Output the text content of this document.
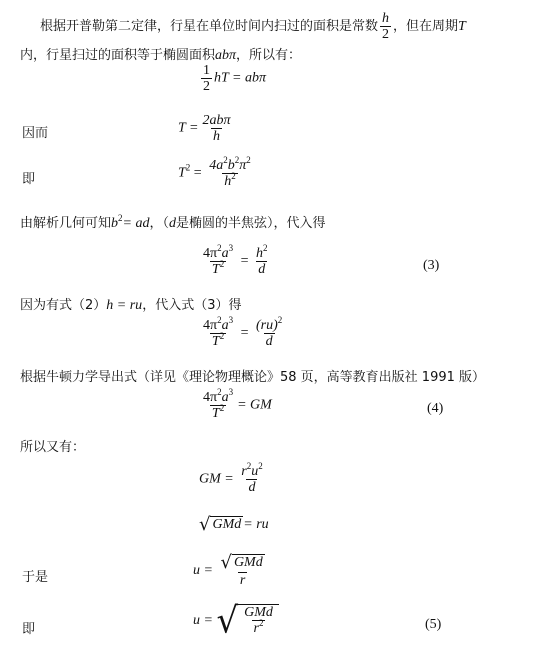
根据开普勒第二定律，行星在单位时间内扫过的面积是常数 $\frac{h}{2}$ ，但在周期T
内，行星扫过的面积等于椭圆面积abπ，所以有：
$\frac{1}{2}$ hT = abπ
因而	$T = \frac{\text{2abπ}}{h}$
即	$T^2 = \frac{4a^2b^2\pi^2}{h^2}$
由解析几何可知$b^2=$ ad，（d是椭圆的半焦弦），代入得
$\frac{4\pi^2a^3}{T^2} = \frac{h^2}{d}$	(3)
因为有式（2）h = ru，代入式（3）得
$\frac{4\pi^2a^3}{T^2} = \frac{(ru)^2}{d}$
根据牛顿力学导出式（详见《理论物理概论》58 页，高等教育出版社 1991 版）
$\frac{4\pi^2a^3}{T^2}$ = GM	(4)
所以又有：
GM = $\frac{r^2u^2}{d}$
√ GMd = ru
于是	$u = \frac{\text{√ GMd}}{r}$
即
u = √ $\frac{\text{GMd}}{r^2}$	(5)
